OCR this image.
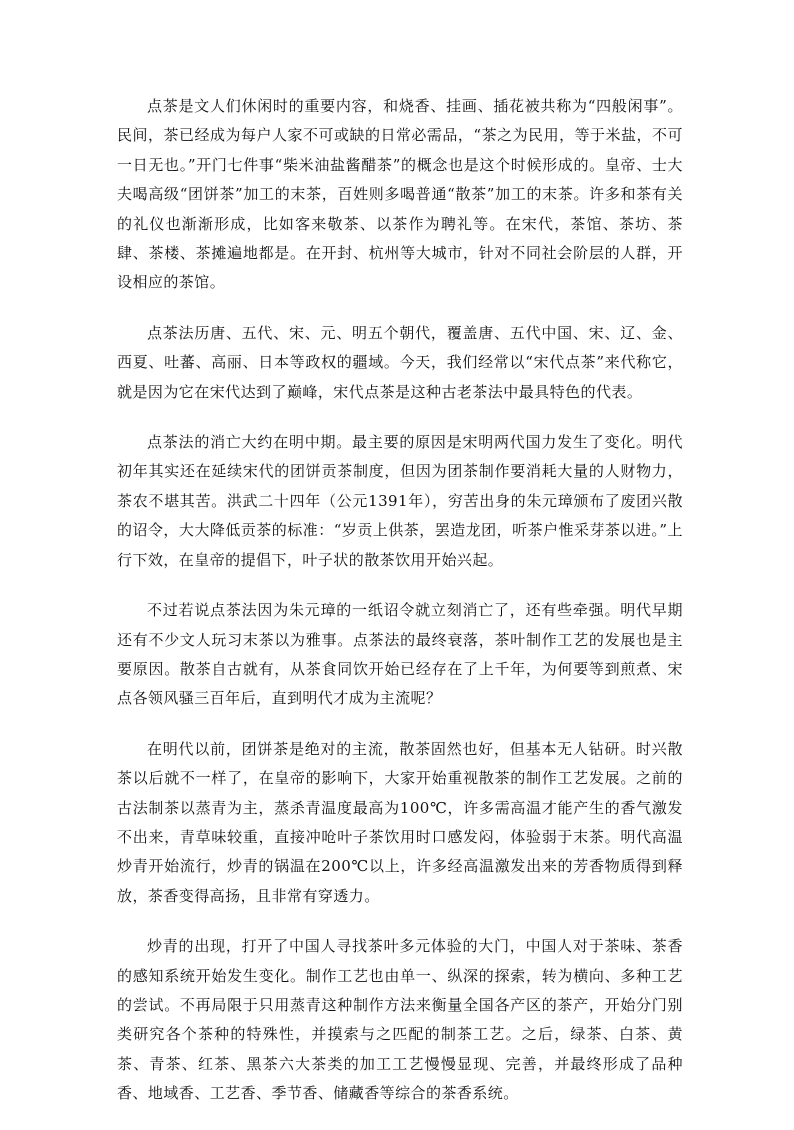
点茶是文人们休闲时的重要内容，和烧香、挂画、插花被共称为“四般闲事”。民间，茶已经成为每户人家不可或缺的日常必需品，“茶之为民用，等于米盐，不可一日无也。”开门七件事“柴米油盐酱醋茶”的概念也是这个时候形成的。皇帝、士大夫喝高级“团饼茶”加工的末茶，百姓则多喝普通“散茶”加工的末茶。许多和茶有关的礼仪也渐渐形成，比如客来敬茶、以茶作为聘礼等。在宋代，茶馆、茶坊、茶肆、茶楼、茶摊遍地都是。在开封、杭州等大城市，针对不同社会阶层的人群，开设相应的茶馆。

点茶法历唐、五代、宋、元、明五个朝代，覆盖唐、五代中国、宋、辽、金、西夏、吐蕃、高丽、日本等政权的疆域。今天，我们经常以“宋代点茶”来代称它，就是因为它在宋代达到了巅峰，宋代点茶是这种古老茶法中最具特色的代表。

点茶法的消亡大约在明中期。最主要的原因是宋明两代国力发生了变化。明代初年其实还在延续宋代的团饼贡茶制度，但因为团茶制作要消耗大量的人财物力，茶农不堪其苦。洪武二十四年（公元1391年），穷苦出身的朱元璋颁布了废团兴散的诏令，大大降低贡茶的标准：“岁贡上供茶，罢造龙团，听茶户惟采芽茶以进。”上行下效，在皇帝的提倡下，叶子状的散茶饮用开始兴起。

不过若说点茶法因为朱元璋的一纸诏令就立刻消亡了，还有些牵强。明代早期还有不少文人玩习末茶以为雅事。点茶法的最终衰落，茶叶制作工艺的发展也是主要原因。散茶自古就有，从茶食同饮开始已经存在了上千年，为何要等到煎煮、宋点各领风骚三百年后，直到明代才成为主流呢？

在明代以前，团饼茶是绝对的主流，散茶固然也好，但基本无人钻研。时兴散茶以后就不一样了，在皇帝的影响下，大家开始重视散茶的制作工艺发展。之前的古法制茶以蒸青为主，蒸杀青温度最高为100℃，许多需高温才能产生的香气激发不出来，青草味较重，直接冲呛叶子茶饮用时口感发闷，体验弱于末茶。明代高温炒青开始流行，炒青的锅温在200℃以上，许多经高温激发出来的芳香物质得到释放，茶香变得高扬，且非常有穿透力。

炒青的出现，打开了中国人寻找茶叶多元体验的大门，中国人对于茶味、茶香的感知系统开始发生变化。制作工艺也由单一、纵深的探索，转为横向、多种工艺的尝试。不再局限于只用蒸青这种制作方法来衡量全国各产区的茶产，开始分门别类研究各个茶种的特殊性，并摸索与之匹配的制茶工艺。之后，绿茶、白茶、黄茶、青茶、红茶、黑茶六大茶类的加工工艺慢慢显现、完善，并最终形成了品种香、地域香、工艺香、季节香、储藏香等综合的茶香系统。
